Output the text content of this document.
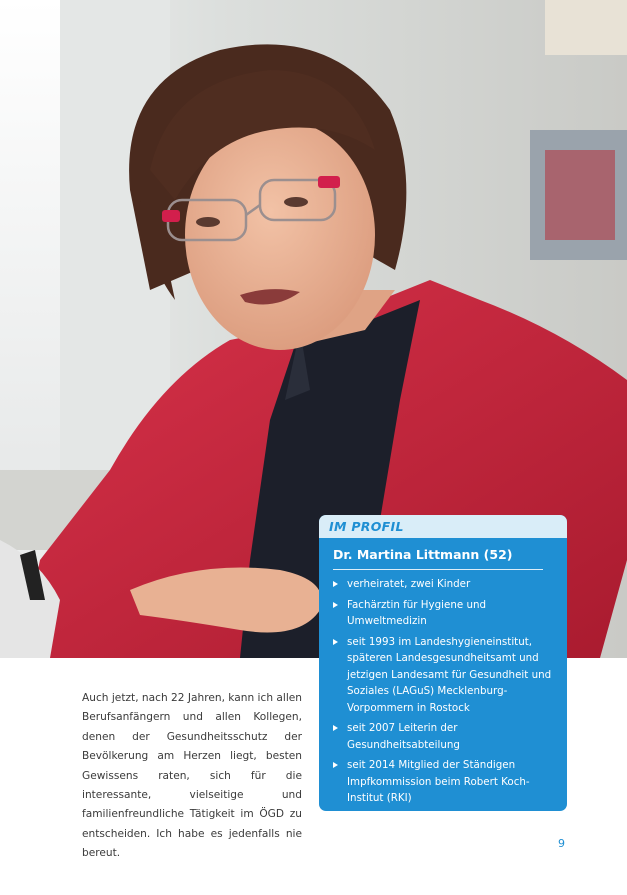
Auch jetzt, nach 22 Jahren, kann ich allen Berufsanfängern und allen Kollegen, denen der Gesundheitsschutz der Bevölkerung am Herzen liegt, besten Gewissens raten, sich für die interessante, vielseitige und familienfreundliche Tätigkeit im ÖGD zu entscheiden. Ich habe es jedenfalls nie bereut.

IM PROFIL
Dr. Martina Littmann (52)
verheiratet, zwei Kinder
Fachärztin für Hygiene und Umweltmedizin
seit 1993 im Landeshygieneinstitut, späteren Landesgesundheitsamt und jetzigen Landesamt für Gesundheit und Soziales (LAGuS) Mecklenburg-Vorpommern in Rostock
seit 2007 Leiterin der Gesundheitsabteilung
seit 2014 Mitglied der Ständigen Impfkommission beim Robert Koch-Institut (RKI)
9
